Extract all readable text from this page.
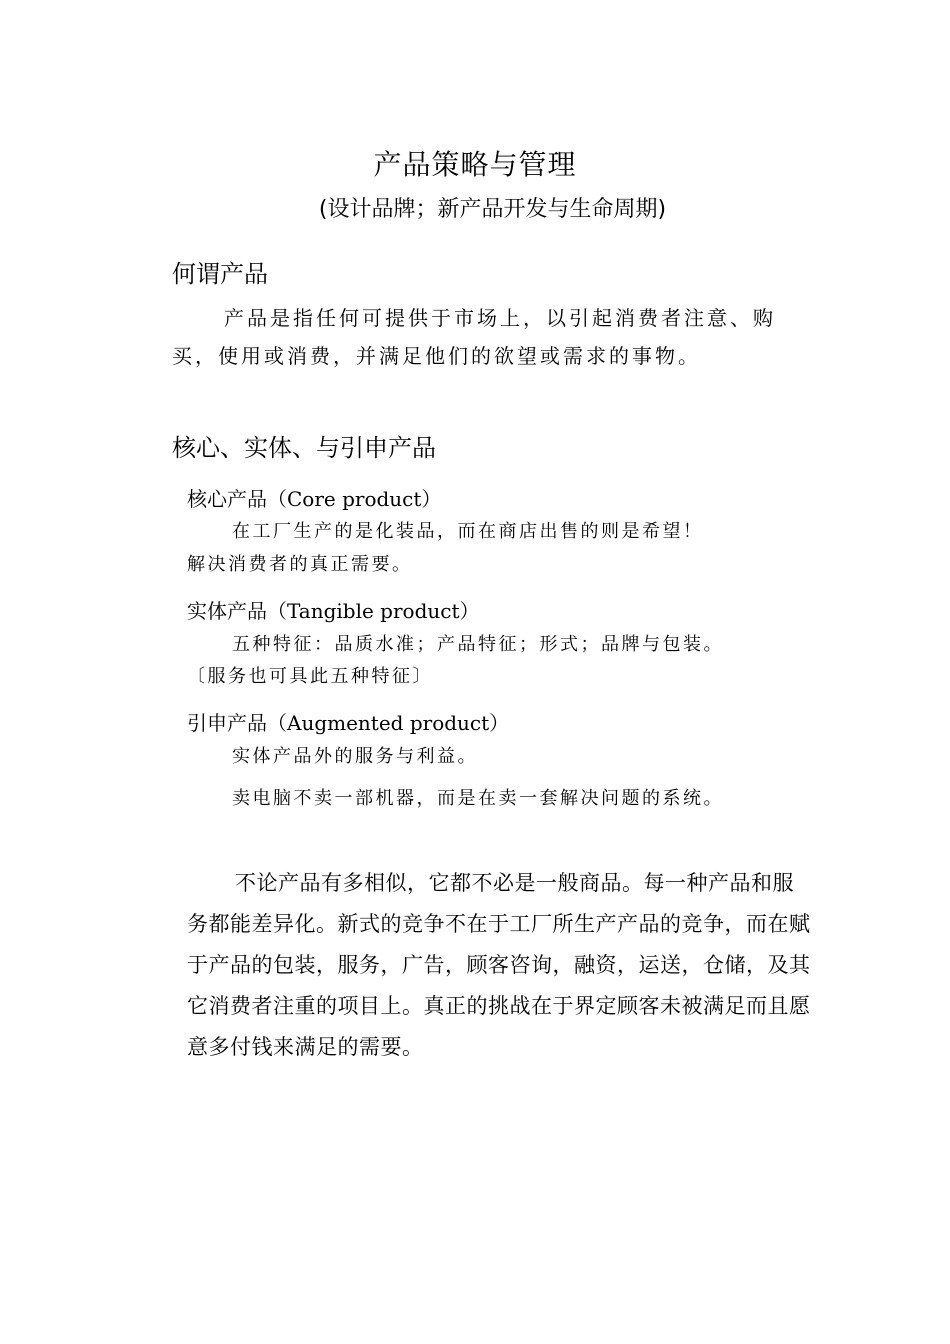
产品策略与管理
(设计品牌；新产品开发与生命周期)
何谓产品
产品是指任何可提供于市场上，以引起消费者注意、购买，使用或消费，并满足他们的欲望或需求的事物。
核心、实体、与引申产品
核心产品（Core product）
在工厂生产的是化装品，而在商店出售的则是希望！
解决消费者的真正需要。
实体产品（Tangible product）
五种特征：品质水准；产品特征；形式；品牌与包装。
〔服务也可具此五种特征〕
引申产品（Augmented product）
实体产品外的服务与利益。
卖电脑不卖一部机器，而是在卖一套解决问题的系统。
不论产品有多相似，它都不必是一般商品。每一种产品和服务都能差异化。新式的竞争不在于工厂所生产产品的竞争，而在赋于产品的包装，服务，广告，顾客咨询，融资，运送，仓储，及其它消费者注重的项目上。真正的挑战在于界定顾客未被满足而且愿意多付钱来满足的需要。
